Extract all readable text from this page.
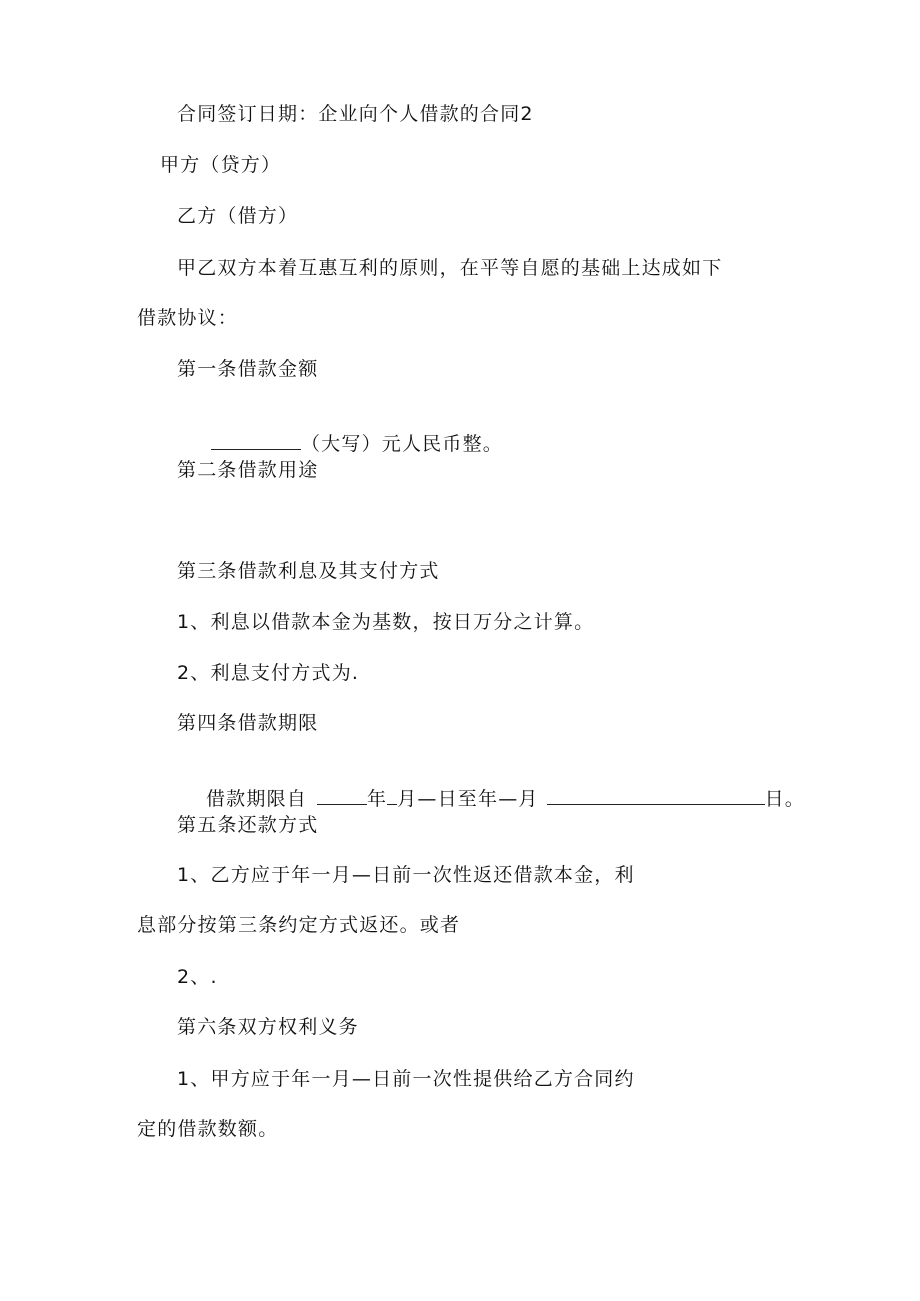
合同签订日期：企业向个人借款的合同2
甲方（贷方）
乙方（借方）
甲乙双方本着互惠互利的原则，在平等自愿的基础上达成如下
借款协议：
第一条借款金额

（大写）元人民币整。

第二条借款用途
第三条借款利息及其支付方式
1、利息以借款本金为基数，按日万分之计算。
2、利息支付方式为.
第四条借款期限

借款期限自	年 月—日至年—月	日。

第五条还款方式
1、乙方应于年一月—日前一次性返还借款本金，利
息部分按第三条约定方式返还。或者
2、.
第六条双方权利义务
1、甲方应于年一月—日前一次性提供给乙方合同约
定的借款数额。
